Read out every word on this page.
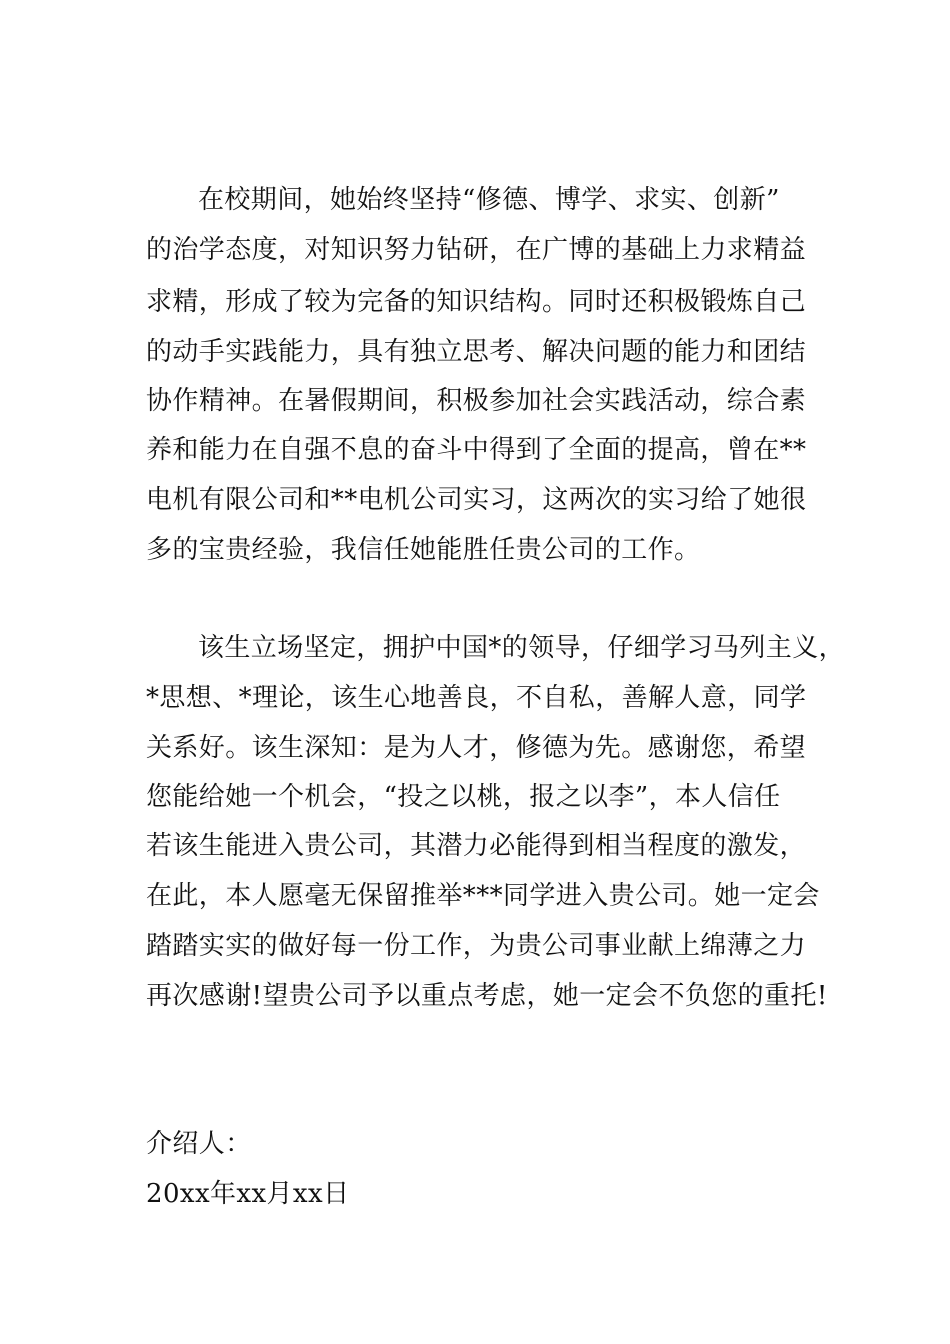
在校期间，她始终坚持“修德、博学、求实、创新”
的治学态度，对知识努力钻研，在广博的基础上力求精益
求精，形成了较为完备的知识结构。同时还积极锻炼自己
的动手实践能力，具有独立思考、解决问题的能力和团结
协作精神。在暑假期间，积极参加社会实践活动，综合素
养和能力在自强不息的奋斗中得到了全面的提高，曾在**
电机有限公司和**电机公司实习，这两次的实习给了她很
多的宝贵经验，我信任她能胜任贵公司的工作。
该生立场坚定，拥护中国*的领导，仔细学习马列主义，
*思想、*理论，该生心地善良，不自私，善解人意，同学
关系好。该生深知：是为人才，修德为先。感谢您，希望
您能给她一个机会，“投之以桃，报之以李”，本人信任
若该生能进入贵公司，其潜力必能得到相当程度的激发，
在此，本人愿毫无保留推举***同学进入贵公司。她一定会
踏踏实实的做好每一份工作，为贵公司事业献上绵薄之力
再次感谢!望贵公司予以重点考虑，她一定会不负您的重托!
介绍人：
20xx年xx月xx日
